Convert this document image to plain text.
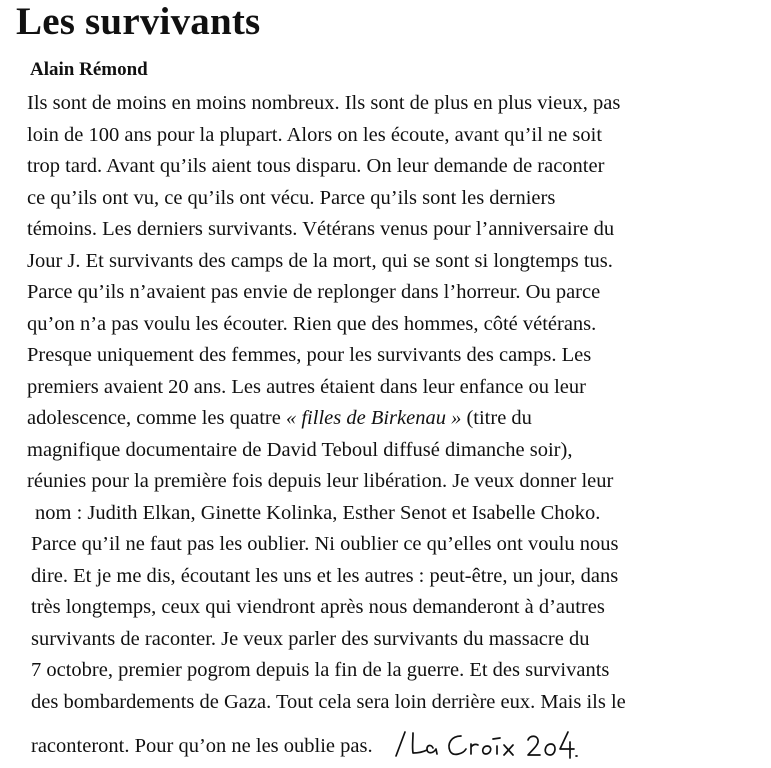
Les survivants
Alain Rémond
Ils sont de moins en moins nombreux. Ils sont de plus en plus vieux, pas
loin de 100 ans pour la plupart. Alors on les écoute, avant qu’il ne soit
trop tard. Avant qu’ils aient tous disparu. On leur demande de raconter
ce qu’ils ont vu, ce qu’ils ont vécu. Parce qu’ils sont les derniers
témoins. Les derniers survivants. Vétérans venus pour l’anniversaire du
Jour J. Et survivants des camps de la mort, qui se sont si longtemps tus.
Parce qu’ils n’avaient pas envie de replonger dans l’horreur. Ou parce
qu’on n’a pas voulu les écouter. Rien que des hommes, côté vétérans.
Presque uniquement des femmes, pour les survivants des camps. Les
premiers avaient 20 ans. Les autres étaient dans leur enfance ou leur
adolescence, comme les quatre « filles de Birkenau » (titre du
magnifique documentaire de David Teboul diffusé dimanche soir),
réunies pour la première fois depuis leur libération. Je veux donner leur
nom : Judith Elkan, Ginette Kolinka, Esther Senot et Isabelle Choko.
Parce qu’il ne faut pas les oublier. Ni oublier ce qu’elles ont voulu nous
dire. Et je me dis, écoutant les uns et les autres : peut-être, un jour, dans
très longtemps, ceux qui viendront après nous demanderont à d’autres
survivants de raconter. Je veux parler des survivants du massacre du
7 octobre, premier pogrom depuis la fin de la guerre. Et des survivants
des bombardements de Gaza. Tout cela sera loin derrière eux. Mais ils le
raconteront. Pour qu’on ne les oublie pas.
